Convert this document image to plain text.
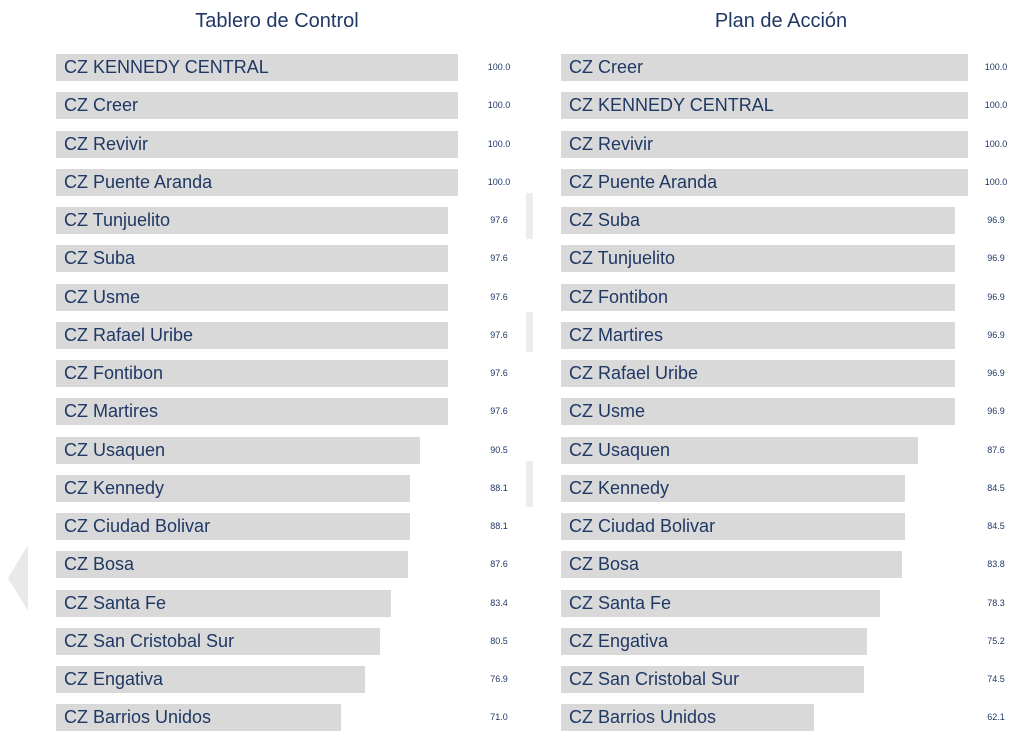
Tablero de Control
CZ KENNEDY CENTRAL	100.0
CZ Creer	100.0
CZ Revivir	100.0
CZ Puente Aranda	100.0
CZ Tunjuelito	97.6
CZ Suba	97.6
CZ Usme	97.6
CZ Rafael Uribe	97.6
CZ Fontibon	97.6
CZ Martires	97.6
CZ Usaquen	90.5
CZ Kennedy	88.1
CZ Ciudad Bolivar	88.1
CZ Bosa	87.6
CZ Santa Fe	83.4
CZ San Cristobal Sur	80.5
CZ Engativa	76.9
CZ Barrios Unidos	71.0
Plan de Acción
CZ Creer	100.0
CZ KENNEDY CENTRAL	100.0
CZ Revivir	100.0
CZ Puente Aranda	100.0
CZ Suba	96.9
CZ Tunjuelito	96.9
CZ Fontibon	96.9
CZ Martires	96.9
CZ Rafael Uribe	96.9
CZ Usme	96.9
CZ Usaquen	87.6
CZ Kennedy	84.5
CZ Ciudad Bolivar	84.5
CZ Bosa	83.8
CZ Santa Fe	78.3
CZ Engativa	75.2
CZ San Cristobal Sur	74.5
CZ Barrios Unidos	62.1
